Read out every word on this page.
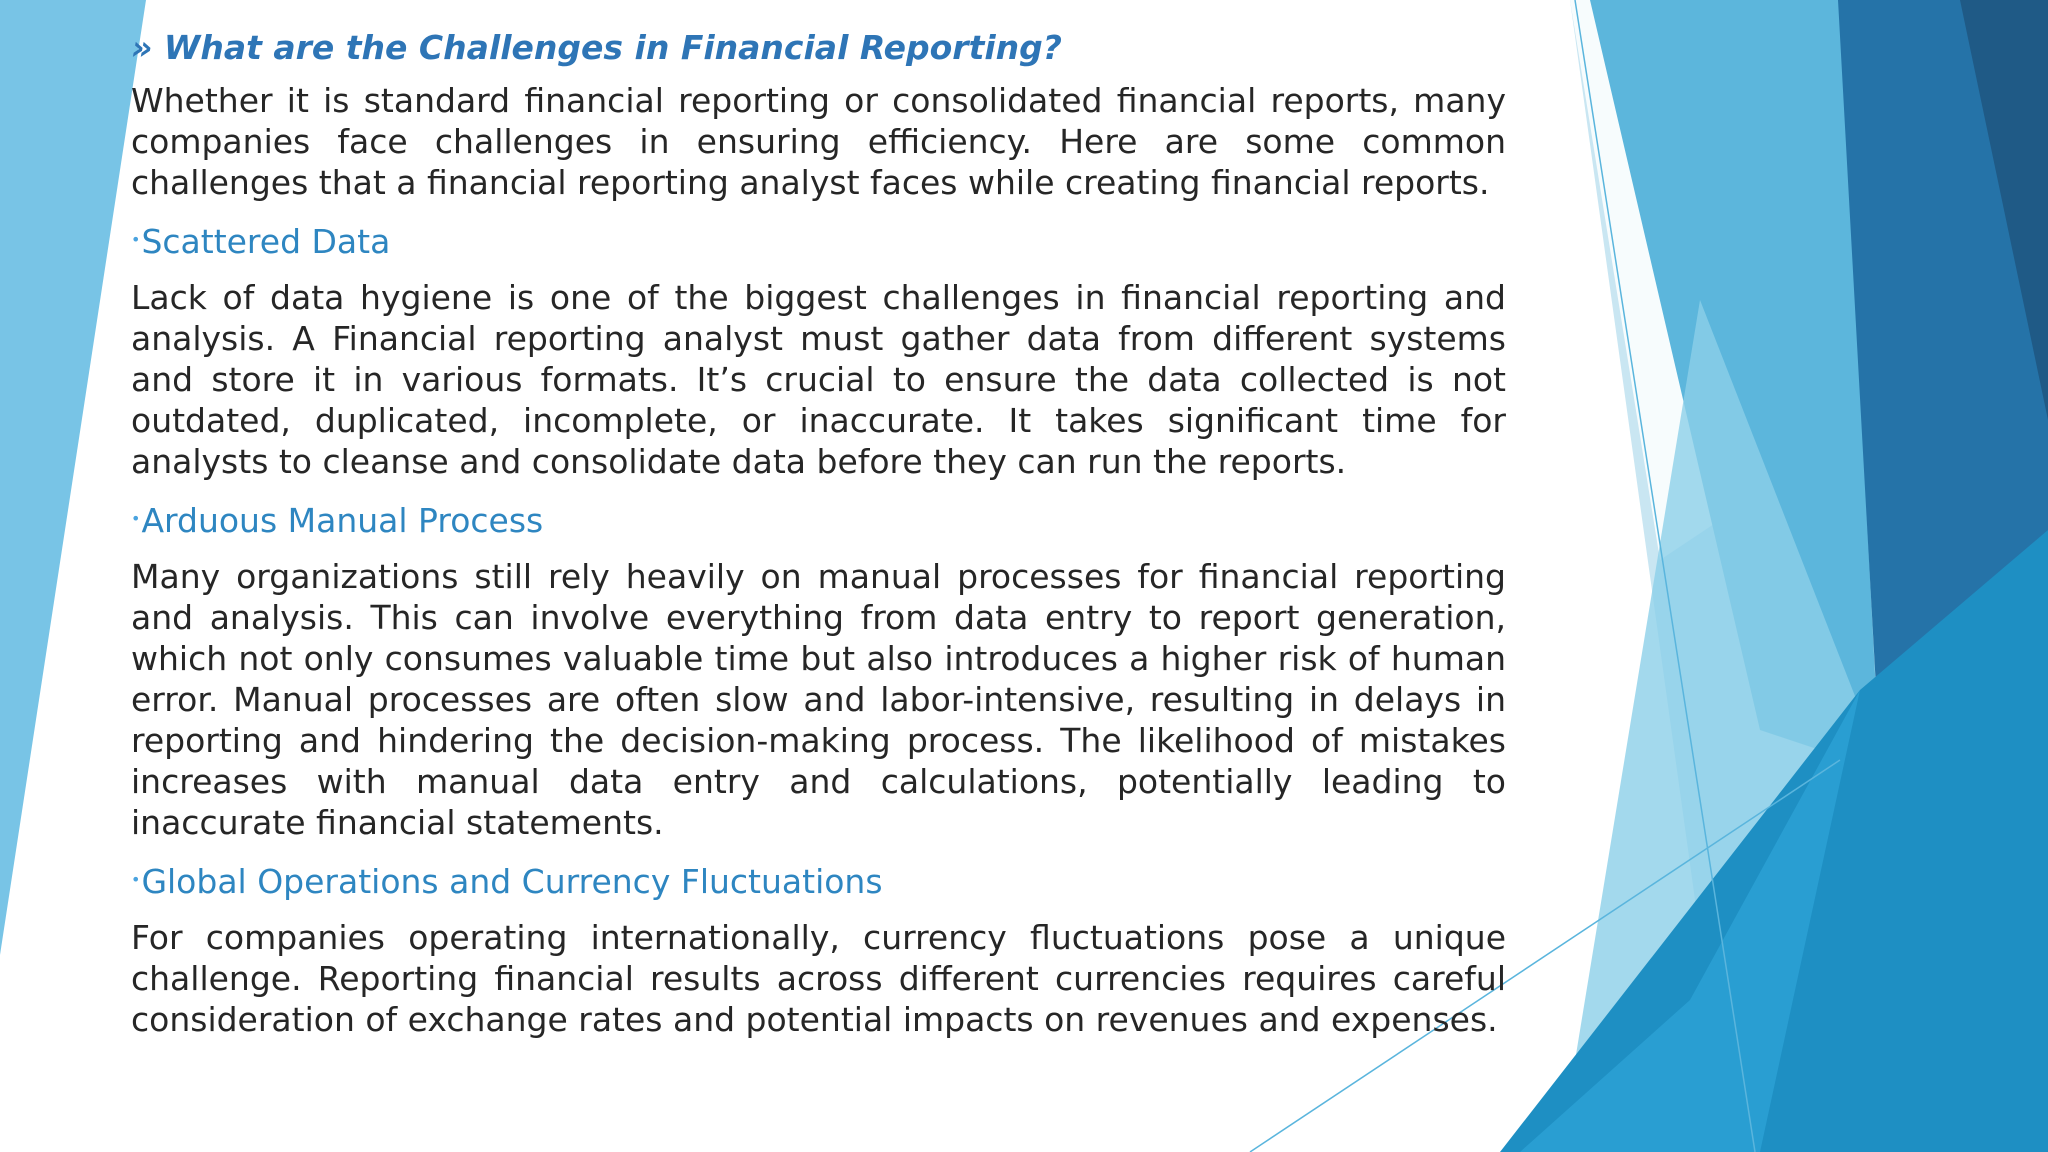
» What are the Challenges in Financial Reporting?

Whether it is standard financial reporting or consolidated financial reports, many companies face challenges in ensuring efficiency. Here are some common challenges that a financial reporting analyst faces while creating financial reports.

•Scattered Data

Lack of data hygiene is one of the biggest challenges in financial reporting and analysis. A Financial reporting analyst must gather data from different systems and store it in various formats. It’s crucial to ensure the data collected is not outdated, duplicated, incomplete, or inaccurate. It takes significant time for analysts to cleanse and consolidate data before they can run the reports.

•Arduous Manual Process

Many organizations still rely heavily on manual processes for financial reporting and analysis. This can involve everything from data entry to report generation, which not only consumes valuable time but also introduces a higher risk of human error. Manual processes are often slow and labor-intensive, resulting in delays in reporting and hindering the decision-making process. The likelihood of mistakes increases with manual data entry and calculations, potentially leading to inaccurate financial statements.

•Global Operations and Currency Fluctuations

For companies operating internationally, currency fluctuations pose a unique challenge. Reporting financial results across different currencies requires careful consideration of exchange rates and potential impacts on revenues and expenses.
